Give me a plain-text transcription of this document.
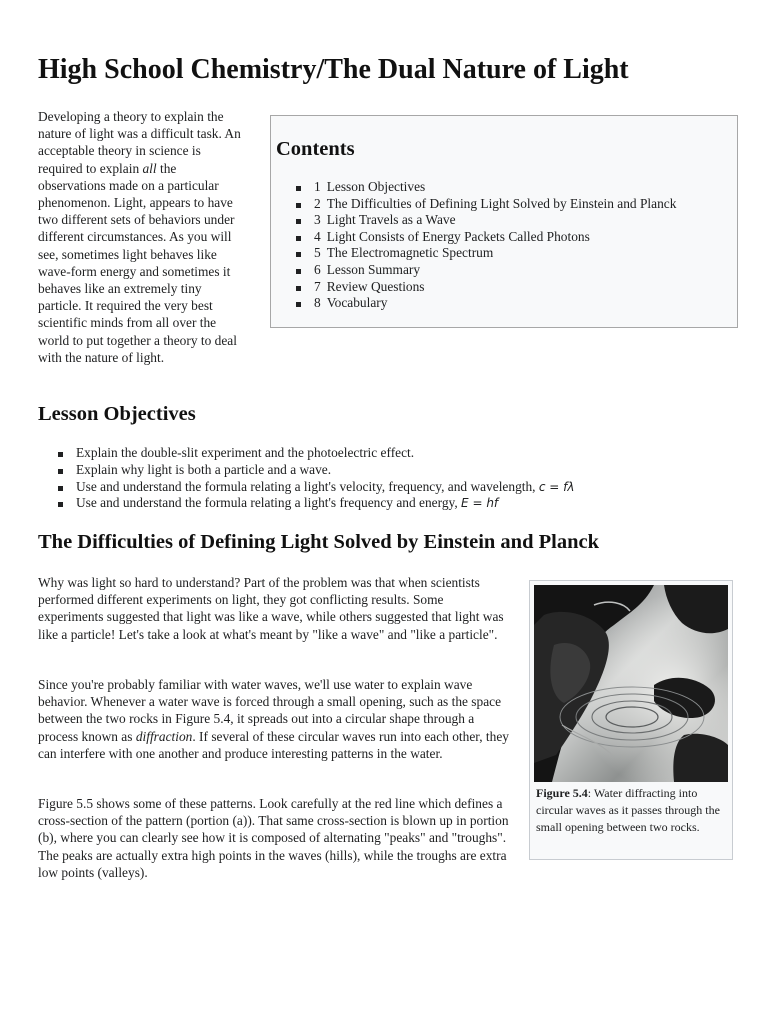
High School Chemistry/The Dual Nature of Light
Contents
1 Lesson Objectives
2 The Difficulties of Defining Light Solved by Einstein and Planck
3 Light Travels as a Wave
4 Light Consists of Energy Packets Called Photons
5 The Electromagnetic Spectrum
6 Lesson Summary
7 Review Questions
8 Vocabulary
Developing a theory to explain the nature of light was a difficult task. An acceptable theory in science is required to explain all the observations made on a particular phenomenon. Light, appears to have two different sets of behaviors under different circumstances. As you will see, sometimes light behaves like wave-form energy and sometimes it behaves like an extremely tiny particle. It required the very best scientific minds from all over the world to put together a theory to deal with the nature of light.
Lesson Objectives
Explain the double-slit experiment and the photoelectric effect.
Explain why light is both a particle and a wave.
Use and understand the formula relating a light's velocity, frequency, and wavelength, c = fλ
Use and understand the formula relating a light's frequency and energy, E = hf
The Difficulties of Defining Light Solved by Einstein and Planck

Why was light so hard to understand? Part of the problem was that when scientists performed different experiments on light, they got conflicting results. Some experiments suggested that light was like a wave, while others suggested that light was like a particle! Let's take a look at what's meant by "like a wave" and "like a particle".

Since you're probably familiar with water waves, we'll use water to explain wave behavior. Whenever a water wave is forced through a small opening, such as the space between the two rocks in Figure 5.4, it spreads out into a circular shape through a process known as diffraction. If several of these circular waves run into each other, they can interfere with one another and produce interesting patterns in the water.

Figure 5.5 shows some of these patterns. Look carefully at the red line which defines a cross-section of the pattern (portion (a)). That same cross-section is blown up in portion (b), where you can clearly see how it is composed of alternating "peaks" and "troughs". The peaks are actually extra high points in the waves (hills), while the troughs are extra low points (valleys).

Figure 5.4: Water diffracting into circular waves as it passes through the small opening between two rocks.
